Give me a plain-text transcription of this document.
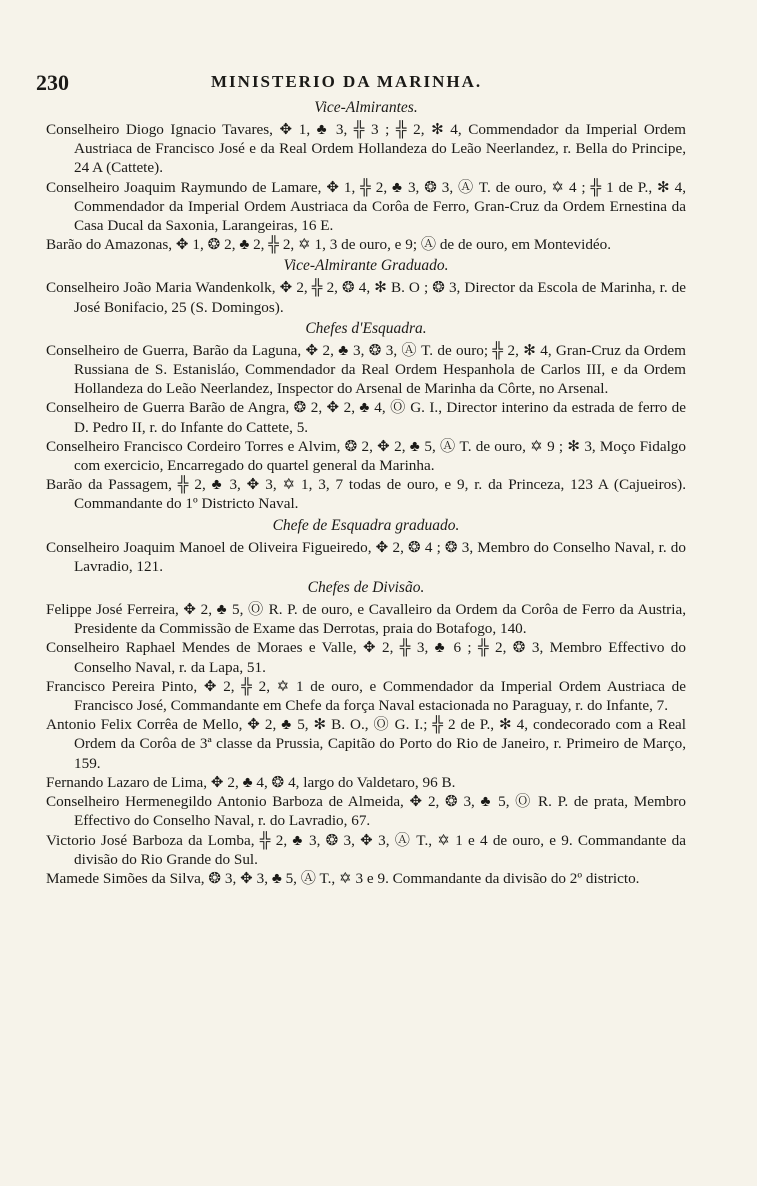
230	MINISTERIO DA MARINHA.
Vice-Almirantes.

Conselheiro Diogo Ignacio Tavares, ✥ 1, ♣ 3, ╬ 3 ; ╬ 2, ✻ 4, Commendador da Imperial Ordem Austriaca de Francisco José e da Real Ordem Hollandeza do Leão Neerlandez, r. Bella do Principe, 24 A (Cattete).

Conselheiro Joaquim Raymundo de Lamare, ✥ 1, ╬ 2, ♣ 3, ❂ 3, Ⓐ T. de ouro, ✡ 4 ; ╬ 1 de P., ✻ 4, Commendador da Imperial Ordem Austriaca da Corôa de Ferro, Gran-Cruz da Ordem Ernestina da Casa Ducal da Saxonia, Larangeiras, 16 E.

Barão do Amazonas, ✥ 1, ❂ 2, ♣ 2, ╬ 2, ✡ 1, 3 de ouro, e 9; Ⓐ de de ouro, em Montevidéo.

Vice-Almirante Graduado.

Conselheiro João Maria Wandenkolk, ✥ 2, ╬ 2, ❂ 4, ✻ B. O ; ❂ 3, Director da Escola de Marinha, r. de José Bonifacio, 25 (S. Domingos).

Chefes d'Esquadra.

Conselheiro de Guerra, Barão da Laguna, ✥ 2, ♣ 3, ❂ 3, Ⓐ T. de ouro; ╬ 2, ✻ 4, Gran-Cruz da Ordem Russiana de S. Estanisláo, Commendador da Real Ordem Hespanhola de Carlos III, e da Ordem Hollandeza do Leão Neerlandez, Inspector do Arsenal de Marinha da Côrte, no Arsenal.

Conselheiro de Guerra Barão de Angra, ❂ 2, ✥ 2, ♣ 4, Ⓞ G. I., Director interino da estrada de ferro de D. Pedro II, r. do Infante do Cattete, 5.

Conselheiro Francisco Cordeiro Torres e Alvim, ❂ 2, ✥ 2, ♣ 5, Ⓐ T. de ouro, ✡ 9 ; ✻ 3, Moço Fidalgo com exercicio, Encarregado do quartel general da Marinha.

Barão da Passagem, ╬ 2, ♣ 3, ✥ 3, ✡ 1, 3, 7 todas de ouro, e 9, r. da Princeza, 123 A (Cajueiros). Commandante do 1º Districto Naval.

Chefe de Esquadra graduado.

Conselheiro Joaquim Manoel de Oliveira Figueiredo, ✥ 2, ❂ 4 ; ❂ 3, Membro do Conselho Naval, r. do Lavradio, 121.

Chefes de Divisão.

Felippe José Ferreira, ✥ 2, ♣ 5, Ⓞ R. P. de ouro, e Cavalleiro da Ordem da Corôa de Ferro da Austria, Presidente da Commissão de Exame das Derrotas, praia do Botafogo, 140.

Conselheiro Raphael Mendes de Moraes e Valle, ✥ 2, ╬ 3, ♣ 6 ; ╬ 2, ❂ 3, Membro Effectivo do Conselho Naval, r. da Lapa, 51.

Francisco Pereira Pinto, ✥ 2, ╬ 2, ✡ 1 de ouro, e Commendador da Imperial Ordem Austriaca de Francisco José, Commandante em Chefe da força Naval estacionada no Paraguay, r. do Infante, 7.

Antonio Felix Corrêa de Mello, ✥ 2, ♣ 5, ✻ B. O., Ⓞ G. I.; ╬ 2 de P., ✻ 4, condecorado com a Real Ordem da Corôa de 3ª classe da Prussia, Capitão do Porto do Rio de Janeiro, r. Primeiro de Março, 159.

Fernando Lazaro de Lima, ✥ 2, ♣ 4, ❂ 4, largo do Valdetaro, 96 B.

Conselheiro Hermenegildo Antonio Barboza de Almeida, ✥ 2, ❂ 3, ♣ 5, Ⓞ R. P. de prata, Membro Effectivo do Conselho Naval, r. do Lavradio, 67.

Victorio José Barboza da Lomba, ╬ 2, ♣ 3, ❂ 3, ✥ 3, Ⓐ T., ✡ 1 e 4 de ouro, e 9. Commandante da divisão do Rio Grande do Sul.

Mamede Simões da Silva, ❂ 3, ✥ 3, ♣ 5, Ⓐ T., ✡ 3 e 9. Commandante da divisão do 2º districto.
